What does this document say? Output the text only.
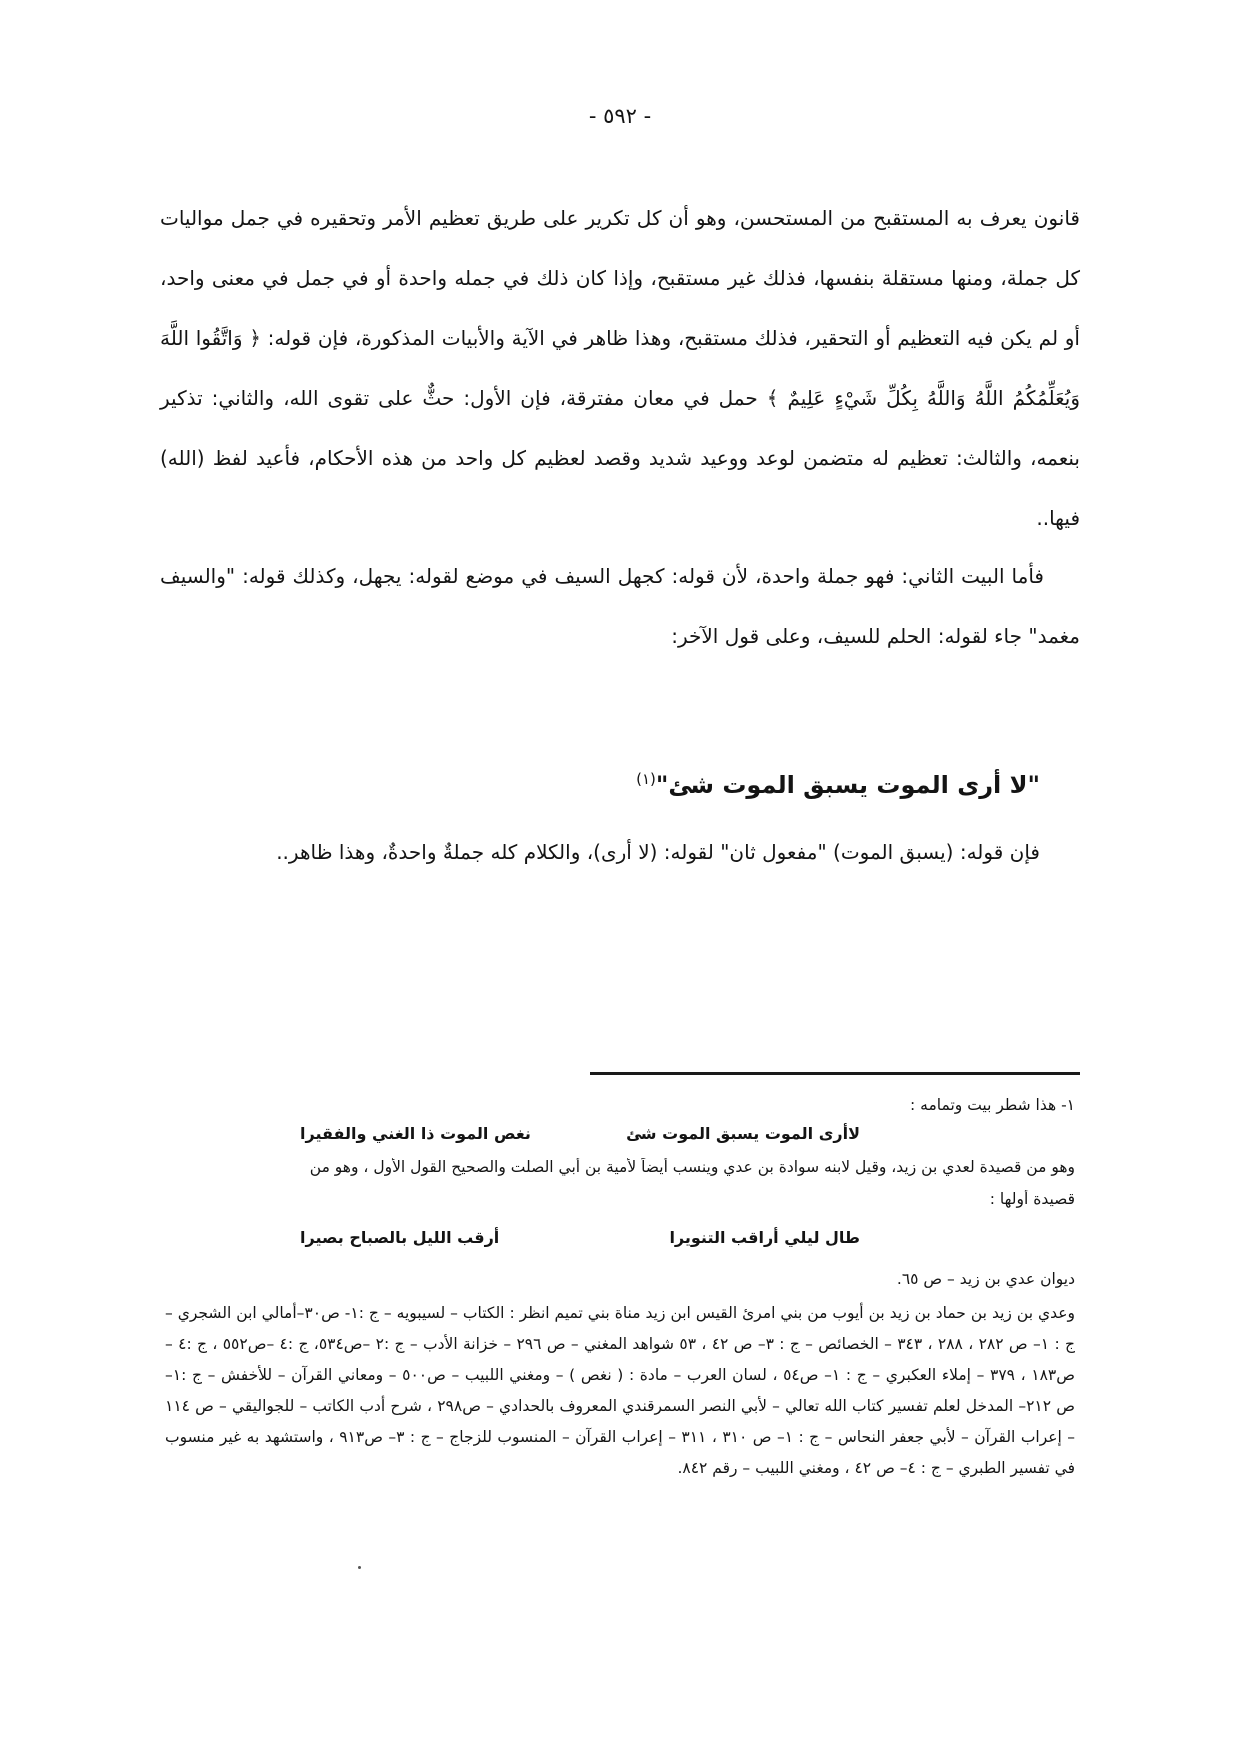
- ٥٩٢ -

قانون يعرف به المستقبح من المستحسن، وهو أن كل تكرير على طريق تعظيم الأمر وتحقيره في جمل مواليات كل جملة، ومنها مستقلة بنفسها، فذلك غير مستقبح، وإذا كان ذلك في جمله واحدة أو في جمل في معنى واحد، أو لم يكن فيه التعظيم أو التحقير، فذلك مستقبح، وهذا ظاهر في الآية والأبيات المذكورة، فإن قوله: ﴿ وَاتَّقُوا اللَّهَ وَيُعَلِّمُكُمُ اللَّهُ وَاللَّهُ بِكُلِّ شَيْءٍ عَلِيمٌ ﴾ حمل في معان مفترقة، فإن الأول: حثٌّ على تقوى الله، والثاني: تذكير بنعمه، والثالث: تعظيم له متضمن لوعد ووعيد شديد وقصد لعظيم كل واحد من هذه الأحكام، فأعيد لفظ (الله) فيها..

فأما البيت الثاني: فهو جملة واحدة، لأن قوله: كجهل السيف في موضع لقوله: يجهل، وكذلك قوله: "والسيف مغمد" جاء لقوله: الحلم للسيف، وعلى قول الآخر:

"لا أرى الموت يسبق الموت شئ"$^{(١)}$
فإن قوله: (يسبق الموت) "مفعول ثان" لقوله: (لا أرى)، والكلام كله جملةٌ واحدةٌ، وهذا ظاهر..
١- هذا شطر بيت وتمامه :
لاأرى الموت يسبق الموت شئ
نغص الموت ذا الغني والفقيرا
وهو من قصيدة لعدي بن زيد، وقيل لابنه سوادة بن عدي وينسب أيضاً لأمية بن أبي الصلت والصحيح القول الأول ، وهو من
قصيدة أولها :
طال ليلي أراقب التنويرا
أرقب الليل بالصباح بصيرا
ديوان عدي بن زيد – ص ٦٥.

وعدي بن زيد بن حماد بن زيد بن أيوب من بني امرئ القيس ابن زيد مناة بني تميم انظر : الكتاب – لسيبويه – ج :١- ص٣٠–أمالي ابن الشجري – ج : ١– ص ٢٨٢ ، ٢٨٨ ، ٣٤٣ – الخصائص – ج : ٣– ص ٤٢ ، ٥٣ شواهد المغني – ص ٢٩٦ – خزانة الأدب – ج :٢ –ص٥٣٤، ج :٤ –ص٥٥٢ ، ج :٤ – ص١٨٣ ، ٣٧٩ – إملاء العكبري – ج : ١– ص٥٤ ، لسان العرب – مادة : ( نغص ) – ومغني اللبيب – ص٥٠٠ – ومعاني القرآن – للأخفش – ج :١– ص ٢١٢– المدخل لعلم تفسير كتاب الله تعالي – لأبي النصر السمرقندي المعروف بالحدادي – ص٢٩٨ ، شرح أدب الكاتب – للجواليقي – ص ١١٤ – إعراب القرآن – لأبي جعفر النحاس – ج : ١– ص ٣١٠ ، ٣١١ – إعراب القرآن – المنسوب للزجاج – ج : ٣– ص٩١٣ ، واستشهد به غير منسوب في تفسير الطبري – ج : ٤– ص ٤٢ ، ومغني اللبيب – رقم ٨٤٢.
